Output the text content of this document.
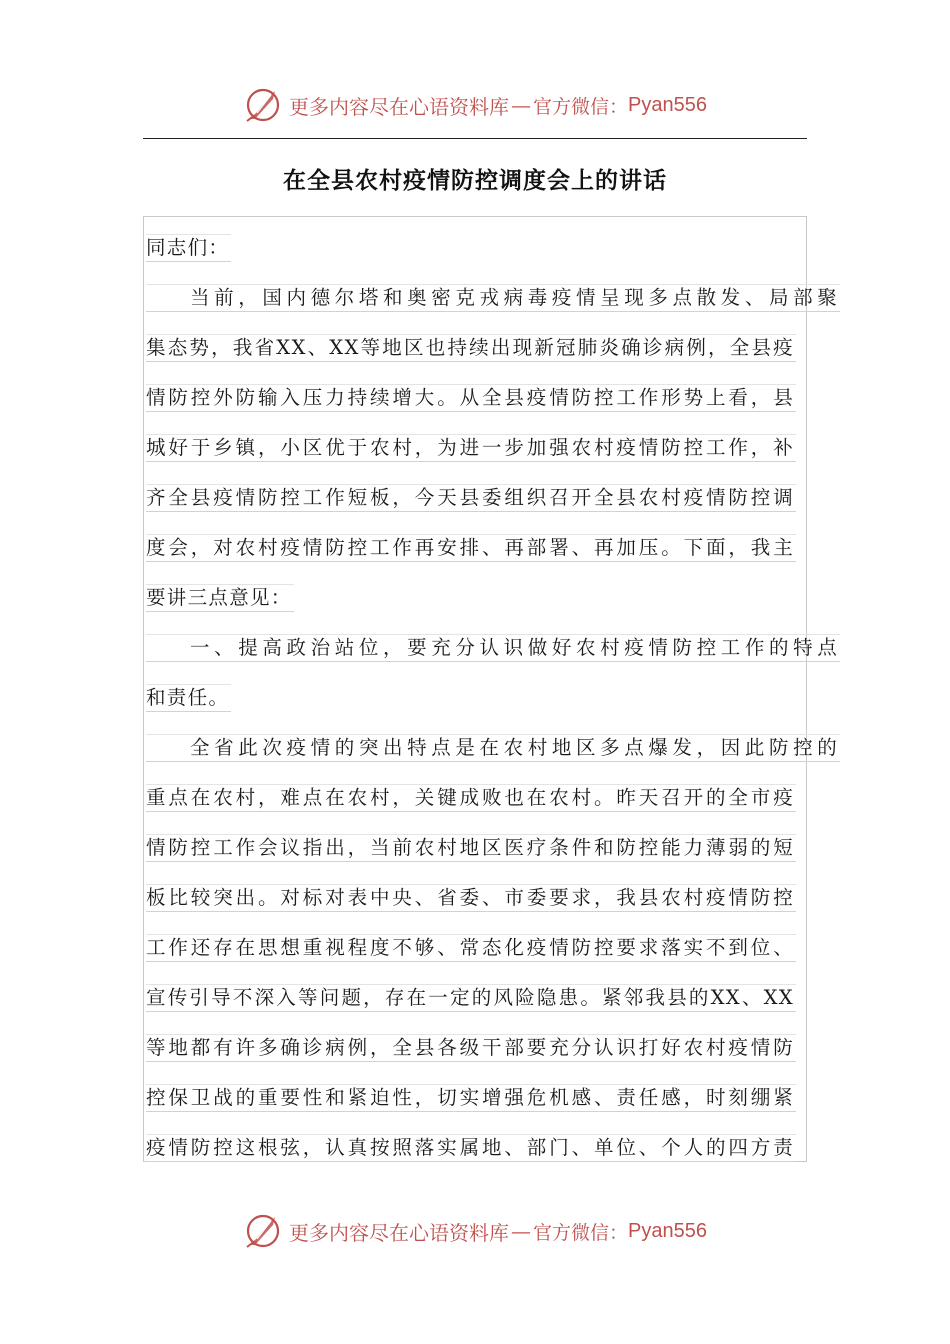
更多内容尽在心语资料库 — 官方微信： Pyan556
在全县农村疫情防控调度会上的讲话
同志们：
当前，国内德尔塔和奥密克戎病毒疫情呈现多点散发、局部聚
集态势，我省XX、XX等地区也持续出现新冠肺炎确诊病例，全县疫
情防控外防输入压力持续增大。从全县疫情防控工作形势上看，县
城好于乡镇，小区优于农村，为进一步加强农村疫情防控工作，补
齐全县疫情防控工作短板，今天县委组织召开全县农村疫情防控调
度会，对农村疫情防控工作再安排、再部署、再加压。下面，我主
要讲三点意见：
一、提高政治站位，要充分认识做好农村疫情防控工作的特点
和责任。
全省此次疫情的突出特点是在农村地区多点爆发，因此防控的
重点在农村，难点在农村，关键成败也在农村。昨天召开的全市疫
情防控工作会议指出，当前农村地区医疗条件和防控能力薄弱的短
板比较突出。对标对表中央、省委、市委要求，我县农村疫情防控
工作还存在思想重视程度不够、常态化疫情防控要求落实不到位、
宣传引导不深入等问题，存在一定的风险隐患。紧邻我县的XX、XX
等地都有许多确诊病例，全县各级干部要充分认识打好农村疫情防
控保卫战的重要性和紧迫性，切实增强危机感、责任感，时刻绷紧
疫情防控这根弦，认真按照落实属地、部门、单位、个人的四方责
更多内容尽在心语资料库 — 官方微信： Pyan556
